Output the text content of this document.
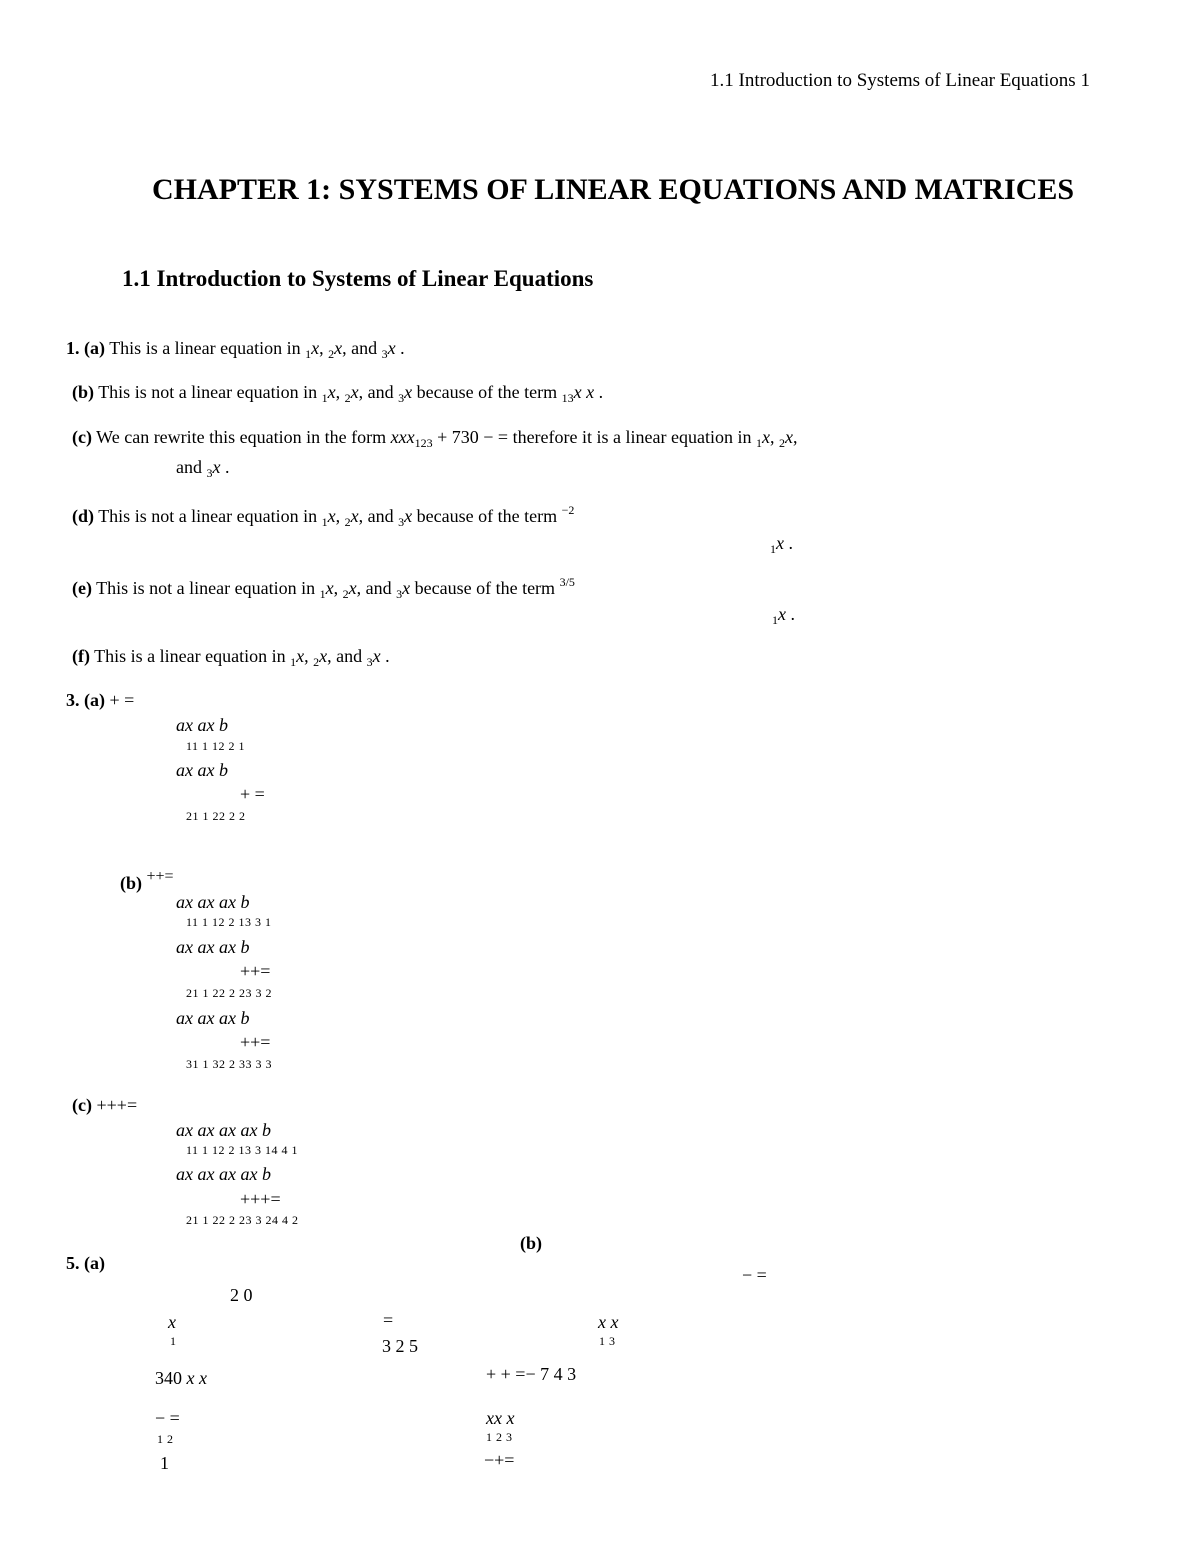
1.1 Introduction to Systems of Linear Equations 1
CHAPTER 1: SYSTEMS OF LINEAR EQUATIONS AND MATRICES
1.1 Introduction to Systems of Linear Equations
1. (a) This is a linear equation in $_1$x, $_2$x, and $_3$x .
(b) This is not a linear equation in $_1$x, $_2$x, and $_3$x because of the term $_{13}$x x .
(c) We can rewrite this equation in the form xxx$_{123}$ + 730 − = therefore it is a linear equation in $_1$x, $_2$x,
and $_3$x .
(d) This is not a linear equation in $_1$x, $_2$x, and $_3$x because of the term $^{-2}$
$_1$x .
(e) This is not a linear equation in $_1$x, $_2$x, and $_3$x because of the term $^{3/5}$
$_1$x .
(f) This is a linear equation in $_1$x, $_2$x, and $_3$x .
3. (a) + =
ax ax b
11 1 12 2 1
ax ax b
+ =
21 1 22 2 2
(b) ++=
ax ax ax b
11 1 12 2 13 3 1
ax ax ax b
++=
21 1 22 2 23 3 2
ax ax ax b
++=
31 1 32 2 33 3 3
(c) +++=
ax ax ax ax b
11 1 12 2 13 3 14 4 1
ax ax ax ax b
+++=
21 1 22 2 23 3 24 4 2
(b)
5. (a)
− =
2 0
x	=	x x
1	3 2 5	1 3
340 x x	+ + =− 7 4 3
− =	xx x
1 2	1 2 3
1	−+=
